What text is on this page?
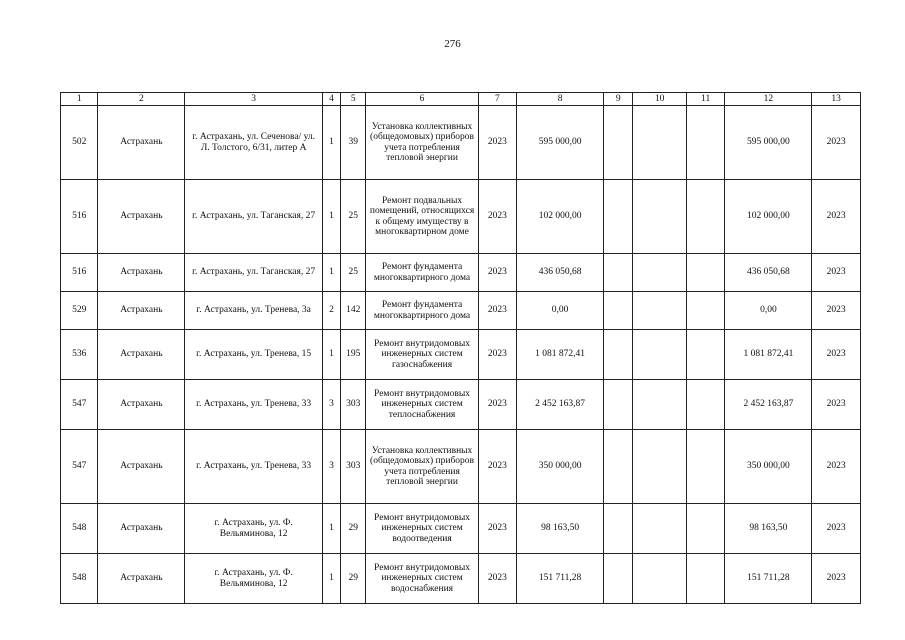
276
1	2	3	4	5	6	7	8	9	10	11	12	13
502	Астрахань	г. Астрахань, ул. Сеченова/ ул. Л. Толстого, 6/31, литер А	1	39	Установка коллективных (общедомовых) приборов учета потребления тепловой энергии	2023	595 000,00				595 000,00	2023
516	Астрахань	г. Астрахань, ул. Таганская, 27	1	25	Ремонт подвальных помещений, относящихся к общему имуществу в многоквартирном доме	2023	102 000,00				102 000,00	2023
516	Астрахань	г. Астрахань, ул. Таганская, 27	1	25	Ремонт фундамента многоквартирного дома	2023	436 050,68				436 050,68	2023
529	Астрахань	г. Астрахань, ул. Тренева, 3а	2	142	Ремонт фундамента многоквартирного дома	2023	0,00				0,00	2023
536	Астрахань	г. Астрахань, ул. Тренева, 15	1	195	Ремонт внутридомовых инженерных систем газоснабжения	2023	1 081 872,41				1 081 872,41	2023
547	Астрахань	г. Астрахань, ул. Тренева, 33	3	303	Ремонт внутридомовых инженерных систем теплоснабжения	2023	2 452 163,87				2 452 163,87	2023
547	Астрахань	г. Астрахань, ул. Тренева, 33	3	303	Установка коллективных (общедомовых) приборов учета потребления тепловой энергии	2023	350 000,00				350 000,00	2023
548	Астрахань	г. Астрахань, ул. Ф. Вельяминова, 12	1	29	Ремонт внутридомовых инженерных систем водоотведения	2023	98 163,50				98 163,50	2023
548	Астрахань	г. Астрахань, ул. Ф. Вельяминова, 12	1	29	Ремонт внутридомовых инженерных систем водоснабжения	2023	151 711,28				151 711,28	2023
